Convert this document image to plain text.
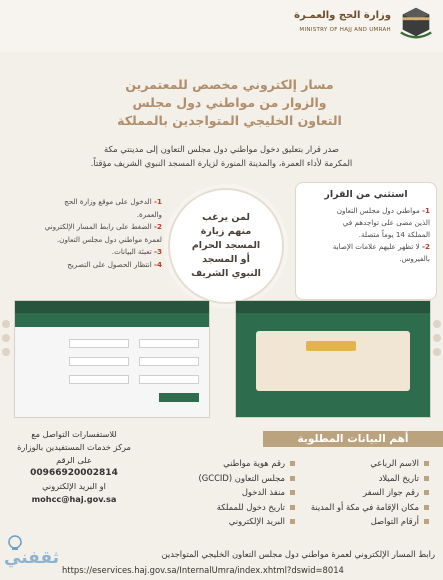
وزارة الحج والعمـرة
MINISTRY OF HAJJ AND UMRAH
مسار إلكتروني مخصص للمعتمرين
والزوار من مواطني دول مجلس
التعاون الخليجي المتواجدين بالمملكة
صدر قرار بتعليق دخول مواطني دول مجلس التعاون إلى مدينتي مكة
المكرمة لأداء العمرة، والمدينة المنورة لزيارة المسجد النبوي الشريف مؤقتاً.
استثني من القرار
1- مواطني دول مجلس التعاون
الذين مضى على تواجدهم في
المملكة 14 يوماً متصلة.
2- لا تظهر عليهم علامات الإصابة
بالفيروس.
لمن يرغب
منهم زيارة
المسجد الحرام
أو المسجد
النبوي الشريف
1- الدخول على موقع وزارة الحج
والعمرة.
2- الضغط على رابط المسار الإلكتروني
لعمرة مواطني دول مجلس التعاون.
3- تعبئة البيانات.
4- انتظار الحصول على التصريح
للاستفسارات التواصل مع
مركز خدمات المستفيدين بالوزارة
على الرقم
00966920002814
او البريد الإلكتروني
mohcc@haj.gov.sa
أهم البيانات المطلوبة
الاسم الرباعي
تاريخ الميلاد
رقم جواز السفر
مكان الإقامة في مكة أو المدينة
أرقام التواصل
رقم هوية مواطني
مجلس التعاون (GCCID)
منفذ الدخول
تاريخ دخول للمملكة
البريد الإلكتروني
رابط المسار الإلكتروني لعمرة مواطني دول مجلس التعاون الخليجي المتواجدين
https://eservices.haj.gov.sa/InternalUmra/index.xhtml?dswid=8014
ثقفني
